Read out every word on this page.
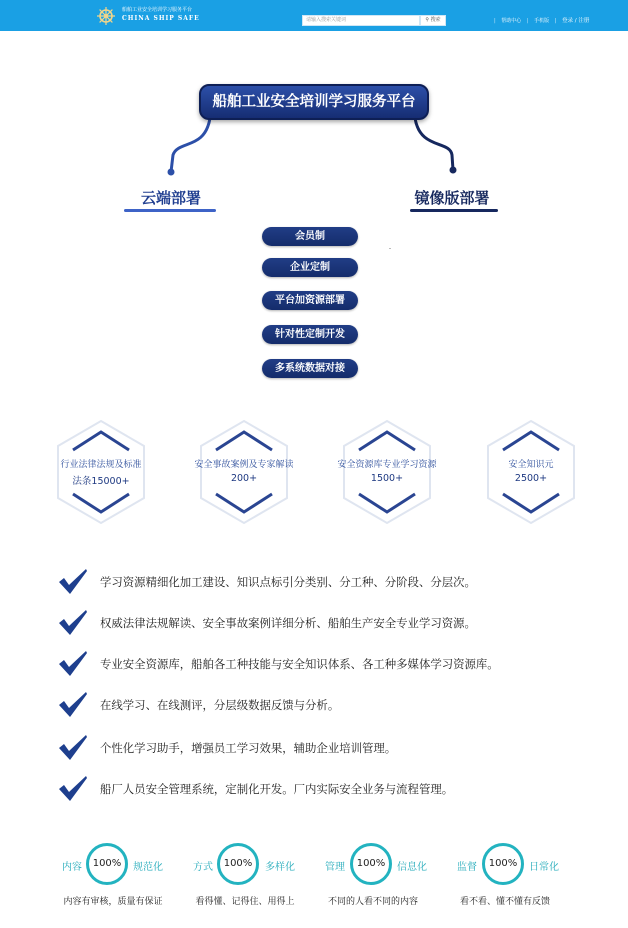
船舶工业安全培训学习服务平台
CHINA SHIP SAFE	请输入搜索关键词	⚲ 搜索	| 帮助中心 | 手机版 | 登录 / 注册
船舶工业安全培训学习服务平台
云端部署	镜像版部署
会员制
企业定制
平台加资源部署
针对性定制开发
多系统数据对接
行业法律法规及标准
法条15000+
安全事故案例及专家解读
200+
安全资源库专业学习资源
1500+
安全知识元
2500+
学习资源精细化加工建设、知识点标引分类别、分工种、分阶段、分层次。
权威法律法规解读、安全事故案例详细分析、船舶生产安全专业学习资源。
专业安全资源库，船舶各工种技能与安全知识体系、各工种多媒体学习资源库。
在线学习、在线测评，分层级数据反馈与分析。
个性化学习助手，增强员工学习效果，辅助企业培训管理。
船厂人员安全管理系统，定制化开发。厂内实际安全业务与流程管理。
内容	100%	规范化
内容有审核，质量有保证
方式	100%	多样化
看得懂、记得住、用得上
管理	100%	信息化
不同的人看不同的内容
监督	100%	日常化
看不看、懂不懂有反馈
